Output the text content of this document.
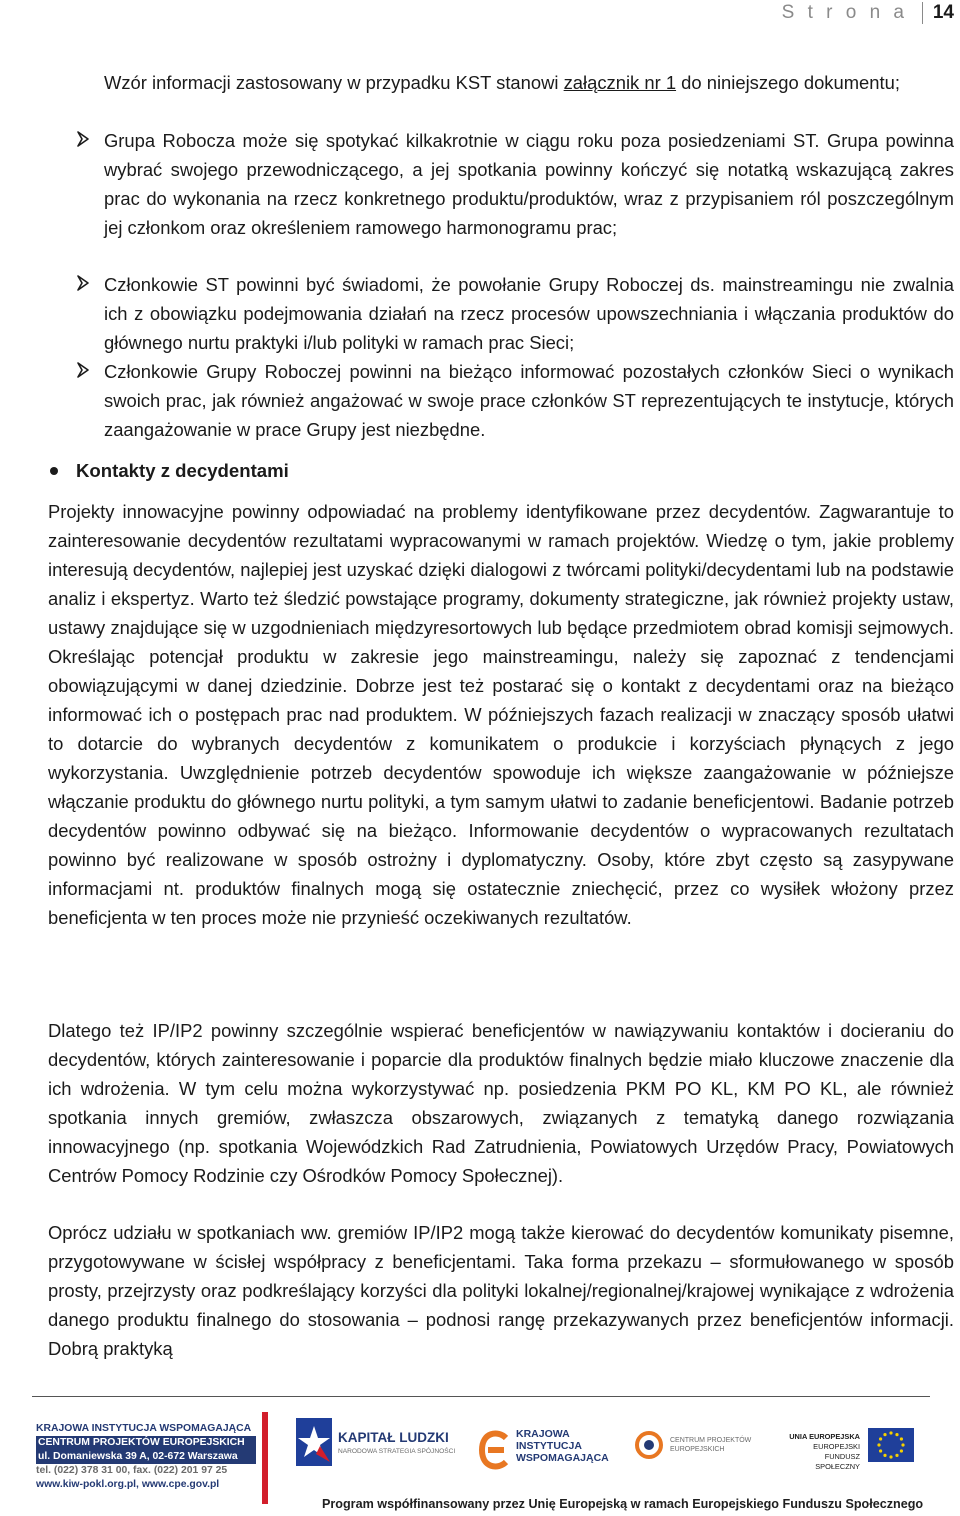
S t r o n a	14

Wzór informacji zastosowany w przypadku KST stanowi załącznik nr 1 do niniejszego dokumentu;

Grupa Robocza może się spotykać kilkakrotnie w ciągu roku poza posiedzeniami ST. Grupa powinna wybrać swojego przewodniczącego, a jej spotkania powinny kończyć się notatką wskazującą zakres prac do wykonania na rzecz konkretnego produktu/produktów, wraz z przypisaniem ról poszczególnym jej członkom oraz określeniem ramowego harmonogramu prac;

Członkowie ST powinni być świadomi, że powołanie Grupy Roboczej ds. mainstreamingu nie zwalnia ich z obowiązku podejmowania działań na rzecz procesów upowszechniania i włączania produktów do głównego nurtu praktyki i/lub polityki w ramach prac Sieci;

Członkowie Grupy Roboczej powinni na bieżąco informować pozostałych członków Sieci o wynikach swoich prac, jak również angażować w swoje prace członków ST reprezentujących te instytucje, których zaangażowanie w prace Grupy jest niezbędne.

Kontakty z decydentami

Projekty innowacyjne powinny odpowiadać na problemy identyfikowane przez decydentów. Zagwarantuje to zainteresowanie decydentów rezultatami wypracowanymi w ramach projektów. Wiedzę o tym, jakie problemy interesują decydentów, najlepiej jest uzyskać dzięki dialogowi z twórcami polityki/decydentami lub na podstawie analiz i ekspertyz. Warto też śledzić powstające programy, dokumenty strategiczne, jak również projekty ustaw, ustawy znajdujące się w uzgodnieniach międzyresortowych lub będące przedmiotem obrad komisji sejmowych. Określając potencjał produktu w zakresie jego mainstreamingu, należy się zapoznać z tendencjami obowiązującymi w danej dziedzinie. Dobrze jest też postarać się o kontakt z decydentami oraz na bieżąco informować ich o postępach prac nad produktem. W późniejszych fazach realizacji w znaczący sposób ułatwi to dotarcie do wybranych decydentów z komunikatem o produkcie i korzyściach płynących z jego wykorzystania. Uwzględnienie potrzeb decydentów spowoduje ich większe zaangażowanie w późniejsze włączanie produktu do głównego nurtu polityki, a tym samym ułatwi to zadanie beneficjentowi. Badanie potrzeb decydentów powinno odbywać się na bieżąco. Informowanie decydentów o wypracowanych rezultatach powinno być realizowane w sposób ostrożny i dyplomatyczny. Osoby, które zbyt często są zasypywane informacjami nt. produktów finalnych mogą się ostatecznie zniechęcić, przez co wysiłek włożony przez beneficjenta w ten proces może nie przynieść oczekiwanych rezultatów.

Dlatego też IP/IP2 powinny szczególnie wspierać beneficjentów w nawiązywaniu kontaktów i docieraniu do decydentów, których zainteresowanie i poparcie dla produktów finalnych będzie miało kluczowe znaczenie dla ich wdrożenia. W tym celu można wykorzystywać np. posiedzenia PKM PO KL, KM PO KL, ale również spotkania innych gremiów, zwłaszcza obszarowych, związanych z tematyką danego rozwiązania innowacyjnego (np. spotkania Wojewódzkich Rad Zatrudnienia, Powiatowych Urzędów Pracy, Powiatowych Centrów Pomocy Rodzinie czy Ośrodków Pomocy Społecznej).

Oprócz udziału w spotkaniach ww. gremiów IP/IP2 mogą także kierować do decydentów komunikaty pisemne, przygotowywane w ścisłej współpracy z beneficjentami. Taka forma przekazu – sformułowanego w sposób prosty, przejrzysty oraz podkreślający korzyści dla polityki lokalnej/regionalnej/krajowej wynikające z wdrożenia danego produktu finalnego do stosowania – podnosi rangę przekazywanych przez beneficjentów informacji. Dobrą praktyką

KRAJOWA INSTYTUCJA WSPOMAGAJĄCA
CENTRUM PROJEKTÓW EUROPEJSKICH
ul. Domaniewska 39 A, 02-672 Warszawa
tel. (022) 378 31 00, fax. (022) 201 97 25
www.kiw-pokl.org.pl, www.cpe.gov.pl
KAPITAŁ LUDZKI
NARODOWA STRATEGIA SPÓJNOŚCI
KRAJOWA
INSTYTUCJA
WSPOMAGAJĄCA
CENTRUM PROJEKTÓW
EUROPEJSKICH
UNIA EUROPEJSKA
EUROPEJSKI
FUNDUSZ SPOŁECZNY
Program współfinansowany przez Unię Europejską w ramach Europejskiego Funduszu Społecznego
